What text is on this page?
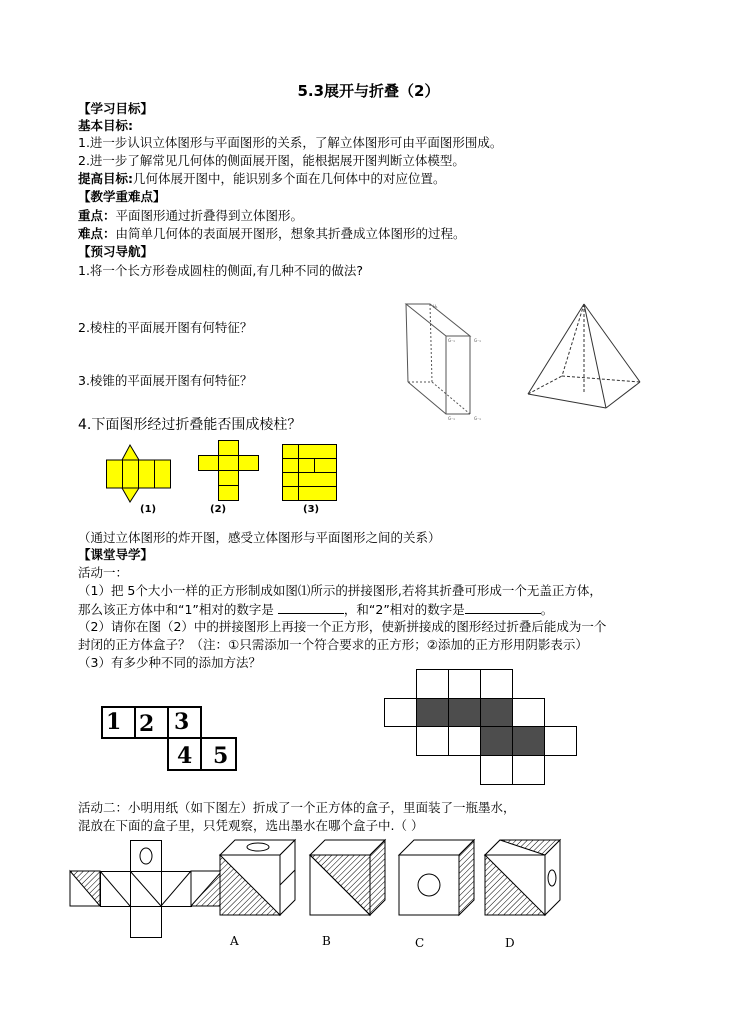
5.3展开与折叠（2）
【学习目标】
基本目标:
1.进一步认识立体图形与平面图形的关系，了解立体图形可由平面图形围成。
2.进一步了解常见几何体的侧面展开图，能根据展开图判断立体模型。
提高目标:几何体展开图中，能识别多个面在几何体中的对应位置。
【教学重难点】
重点：平面图形通过折叠得到立体图形。
难点：由简单几何体的表面展开图形，想象其折叠成立体图形的过程。
【预习导航】
1.将一个长方形卷成圆柱的侧面,有几种不同的做法?
2.棱柱的平面展开图有何特征？
3.棱锥的平面展开图有何特征？
4.下面图形经过折叠能否围成棱柱？
H₁
G⁻₁	G⁻₁
G⁻₁	G⁻₁
(1)	(2)	(3)
（通过立体图形的炸开图，感受立体图形与平面图形之间的关系）
【课堂导学】
活动一：
（1）把 5个大小一样的正方形制成如图⑴所示的拼接图形,若将其折叠可形成一个无盖正方体，
那么该正方体中和“1”相对的数字是	，和“2”相对的数字是	。
（2）请你在图（2）中的拼接图形上再接一个正方形，使新拼接成的图形经过折叠后能成为一个
封闭的正方体盒子？（注：①只需添加一个符合要求的正方形；②添加的正方形用阴影表示）
（3）有多少种不同的添加方法？
1 2 3
4 5
活动二：小明用纸（如下图左）折成了一个正方体的盒子，里面装了一瓶墨水，
混放在下面的盒子里，只凭观察，选出墨水在哪个盒子中.（ ）
A	B	C	D
